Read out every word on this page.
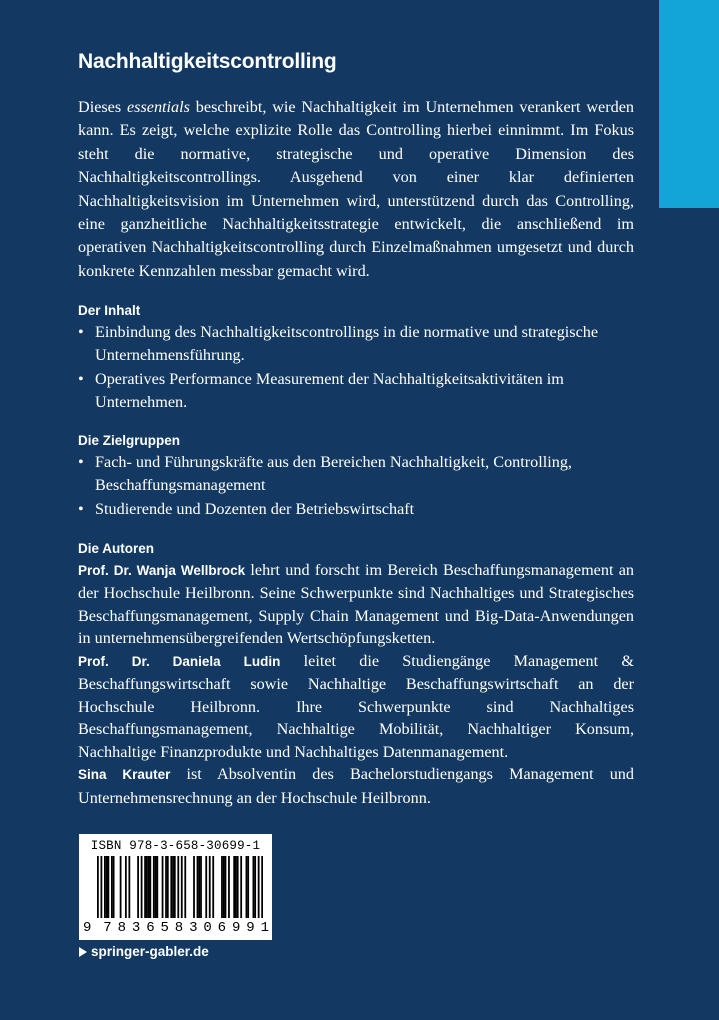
Nachhaltigkeitscontrolling

Dieses essentials beschreibt, wie Nachhaltigkeit im Unternehmen verankert werden kann. Es zeigt, welche explizite Rolle das Controlling hierbei einnimmt. Im Fokus steht die normative, strategische und operative Dimension des Nachhaltigkeitscontrollings. Ausgehend von einer klar definierten Nachhaltigkeitsvision im Unternehmen wird, unterstützend durch das Controlling, eine ganzheitliche Nachhaltigkeitsstrategie entwickelt, die anschließend im operativen Nachhaltigkeitscontrolling durch Einzelmaßnahmen umgesetzt und durch konkrete Kennzahlen messbar gemacht wird.

Der Inhalt
• Einbindung des Nachhaltigkeitscontrollings in die normative und strategische Unternehmensführung.
• Operatives Performance Measurement der Nachhaltigkeitsaktivitäten im Unternehmen.
Die Zielgruppen
• Fach- und Führungskräfte aus den Bereichen Nachhaltigkeit, Controlling, Beschaffungsmanagement
• Studierende und Dozenten der Betriebswirtschaft
Die Autoren

Prof. Dr. Wanja Wellbrock lehrt und forscht im Bereich Beschaffungsmanagement an der Hochschule Heilbronn. Seine Schwerpunkte sind Nachhaltiges und Strategisches Beschaffungsmanagement, Supply Chain Management und Big-Data-Anwendungen in unternehmensübergreifenden Wertschöpfungsketten.

Prof. Dr. Daniela Ludin leitet die Studiengänge Management & Beschaffungswirtschaft sowie Nachhaltige Beschaffungswirtschaft an der Hochschule Heilbronn. Ihre Schwerpunkte sind Nachhaltiges Beschaffungsmanagement, Nachhaltige Mobilität, Nachhaltiger Konsum, Nachhaltige Finanzprodukte und Nachhaltiges Datenmanagement.

Sina Krauter ist Absolventin des Bachelorstudiengangs Management und Unternehmensrechnung an der Hochschule Heilbronn.

ISBN 978-3-658-30699-1
9 7 8 3 6 5 8 3 0 6 9 9 1
springer-gabler.de
